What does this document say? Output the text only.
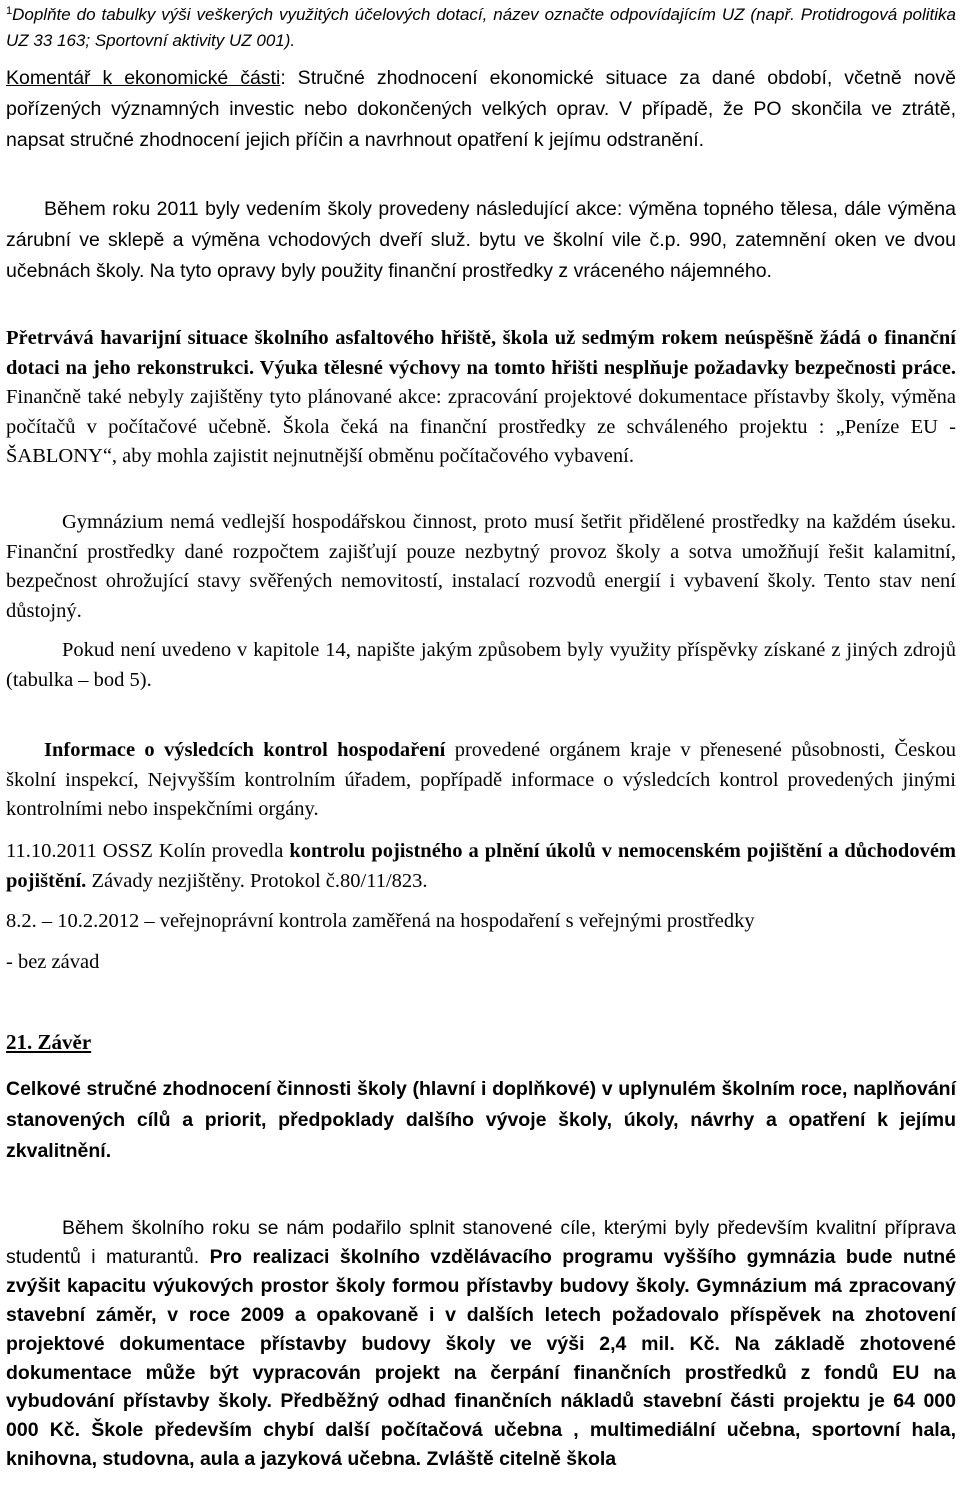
$^1$Doplňte do tabulky výši veškerých využitých účelových dotací, název označte odpovídajícím UZ (např. Protidrogová politika UZ 33 163; Sportovní aktivity UZ 001).

Komentář k ekonomické části: Stručné zhodnocení ekonomické situace za dané období, včetně nově pořízených významných investic nebo dokončených velkých oprav. V případě, že PO skončila ve ztrátě, napsat stručné zhodnocení jejich příčin a navrhnout opatření k jejímu odstranění.

Během roku 2011 byly vedením školy provedeny následující akce: výměna topného tělesa, dále výměna zárubní ve sklepě a výměna vchodových dveří služ. bytu ve školní vile č.p. 990, zatemnění oken ve dvou učebnách školy. Na tyto opravy byly použity finanční prostředky z vráceného nájemného.

Přetrvává havarijní situace školního asfaltového hřiště, škola už sedmým rokem neúspěšně žádá o finanční dotaci na jeho rekonstrukci. Výuka tělesné výchovy na tomto hřišti nesplňuje požadavky bezpečnosti práce. Finančně také nebyly zajištěny tyto plánované akce: zpracování projektové dokumentace přístavby školy, výměna počítačů v počítačové učebně. Škola čeká na finanční prostředky ze schváleného projektu : „Peníze EU - ŠABLONY“, aby mohla zajistit nejnutnější obměnu počítačového vybavení.

Gymnázium nemá vedlejší hospodářskou činnost, proto musí šetřit přidělené prostředky na každém úseku. Finanční prostředky dané rozpočtem zajišťují pouze nezbytný provoz školy a sotva umožňují řešit kalamitní, bezpečnost ohrožující stavy svěřených nemovitostí, instalací rozvodů energií i vybavení školy. Tento stav není důstojný.

Pokud není uvedeno v kapitole 14, napište jakým způsobem byly využity příspěvky získané z jiných zdrojů (tabulka – bod 5).

Informace o výsledcích kontrol hospodaření provedené orgánem kraje v přenesené působnosti, Českou školní inspekcí, Nejvyšším kontrolním úřadem, popřípadě informace o výsledcích kontrol provedených jinými kontrolními nebo inspekčními orgány.

11.10.2011 OSSZ Kolín provedla kontrolu pojistného a plnění úkolů v nemocenském pojištění a důchodovém pojištění. Závady nezjištěny. Protokol č.80/11/823.

8.2. – 10.2.2012 – veřejnoprávní kontrola zaměřená na hospodaření s veřejnými prostředky

- bez závad

21. Závěr

Celkové stručné zhodnocení činnosti školy (hlavní i doplňkové) v uplynulém školním roce, naplňování stanovených cílů a priorit, předpoklady dalšího vývoje školy, úkoly, návrhy a opatření k jejímu zkvalitnění.

Během školního roku se nám podařilo splnit stanovené cíle, kterými byly především kvalitní příprava studentů i maturantů. Pro realizaci školního vzdělávacího programu vyššího gymnázia bude nutné zvýšit kapacitu výukových prostor školy formou přístavby budovy školy. Gymnázium má zpracovaný stavební záměr, v roce 2009 a opakovaně i v dalších letech požadovalo příspěvek na zhotovení projektové dokumentace přístavby budovy školy ve výši 2,4 mil. Kč. Na základě zhotovené dokumentace může být vypracován projekt na čerpání finančních prostředků z fondů EU na vybudování přístavby školy. Předběžný odhad finančních nákladů stavební části projektu je 64 000 000 Kč. Škole především chybí další počítačová učebna , multimediální učebna, sportovní hala, knihovna, studovna, aula a jazyková učebna. Zvláště citelně škola
